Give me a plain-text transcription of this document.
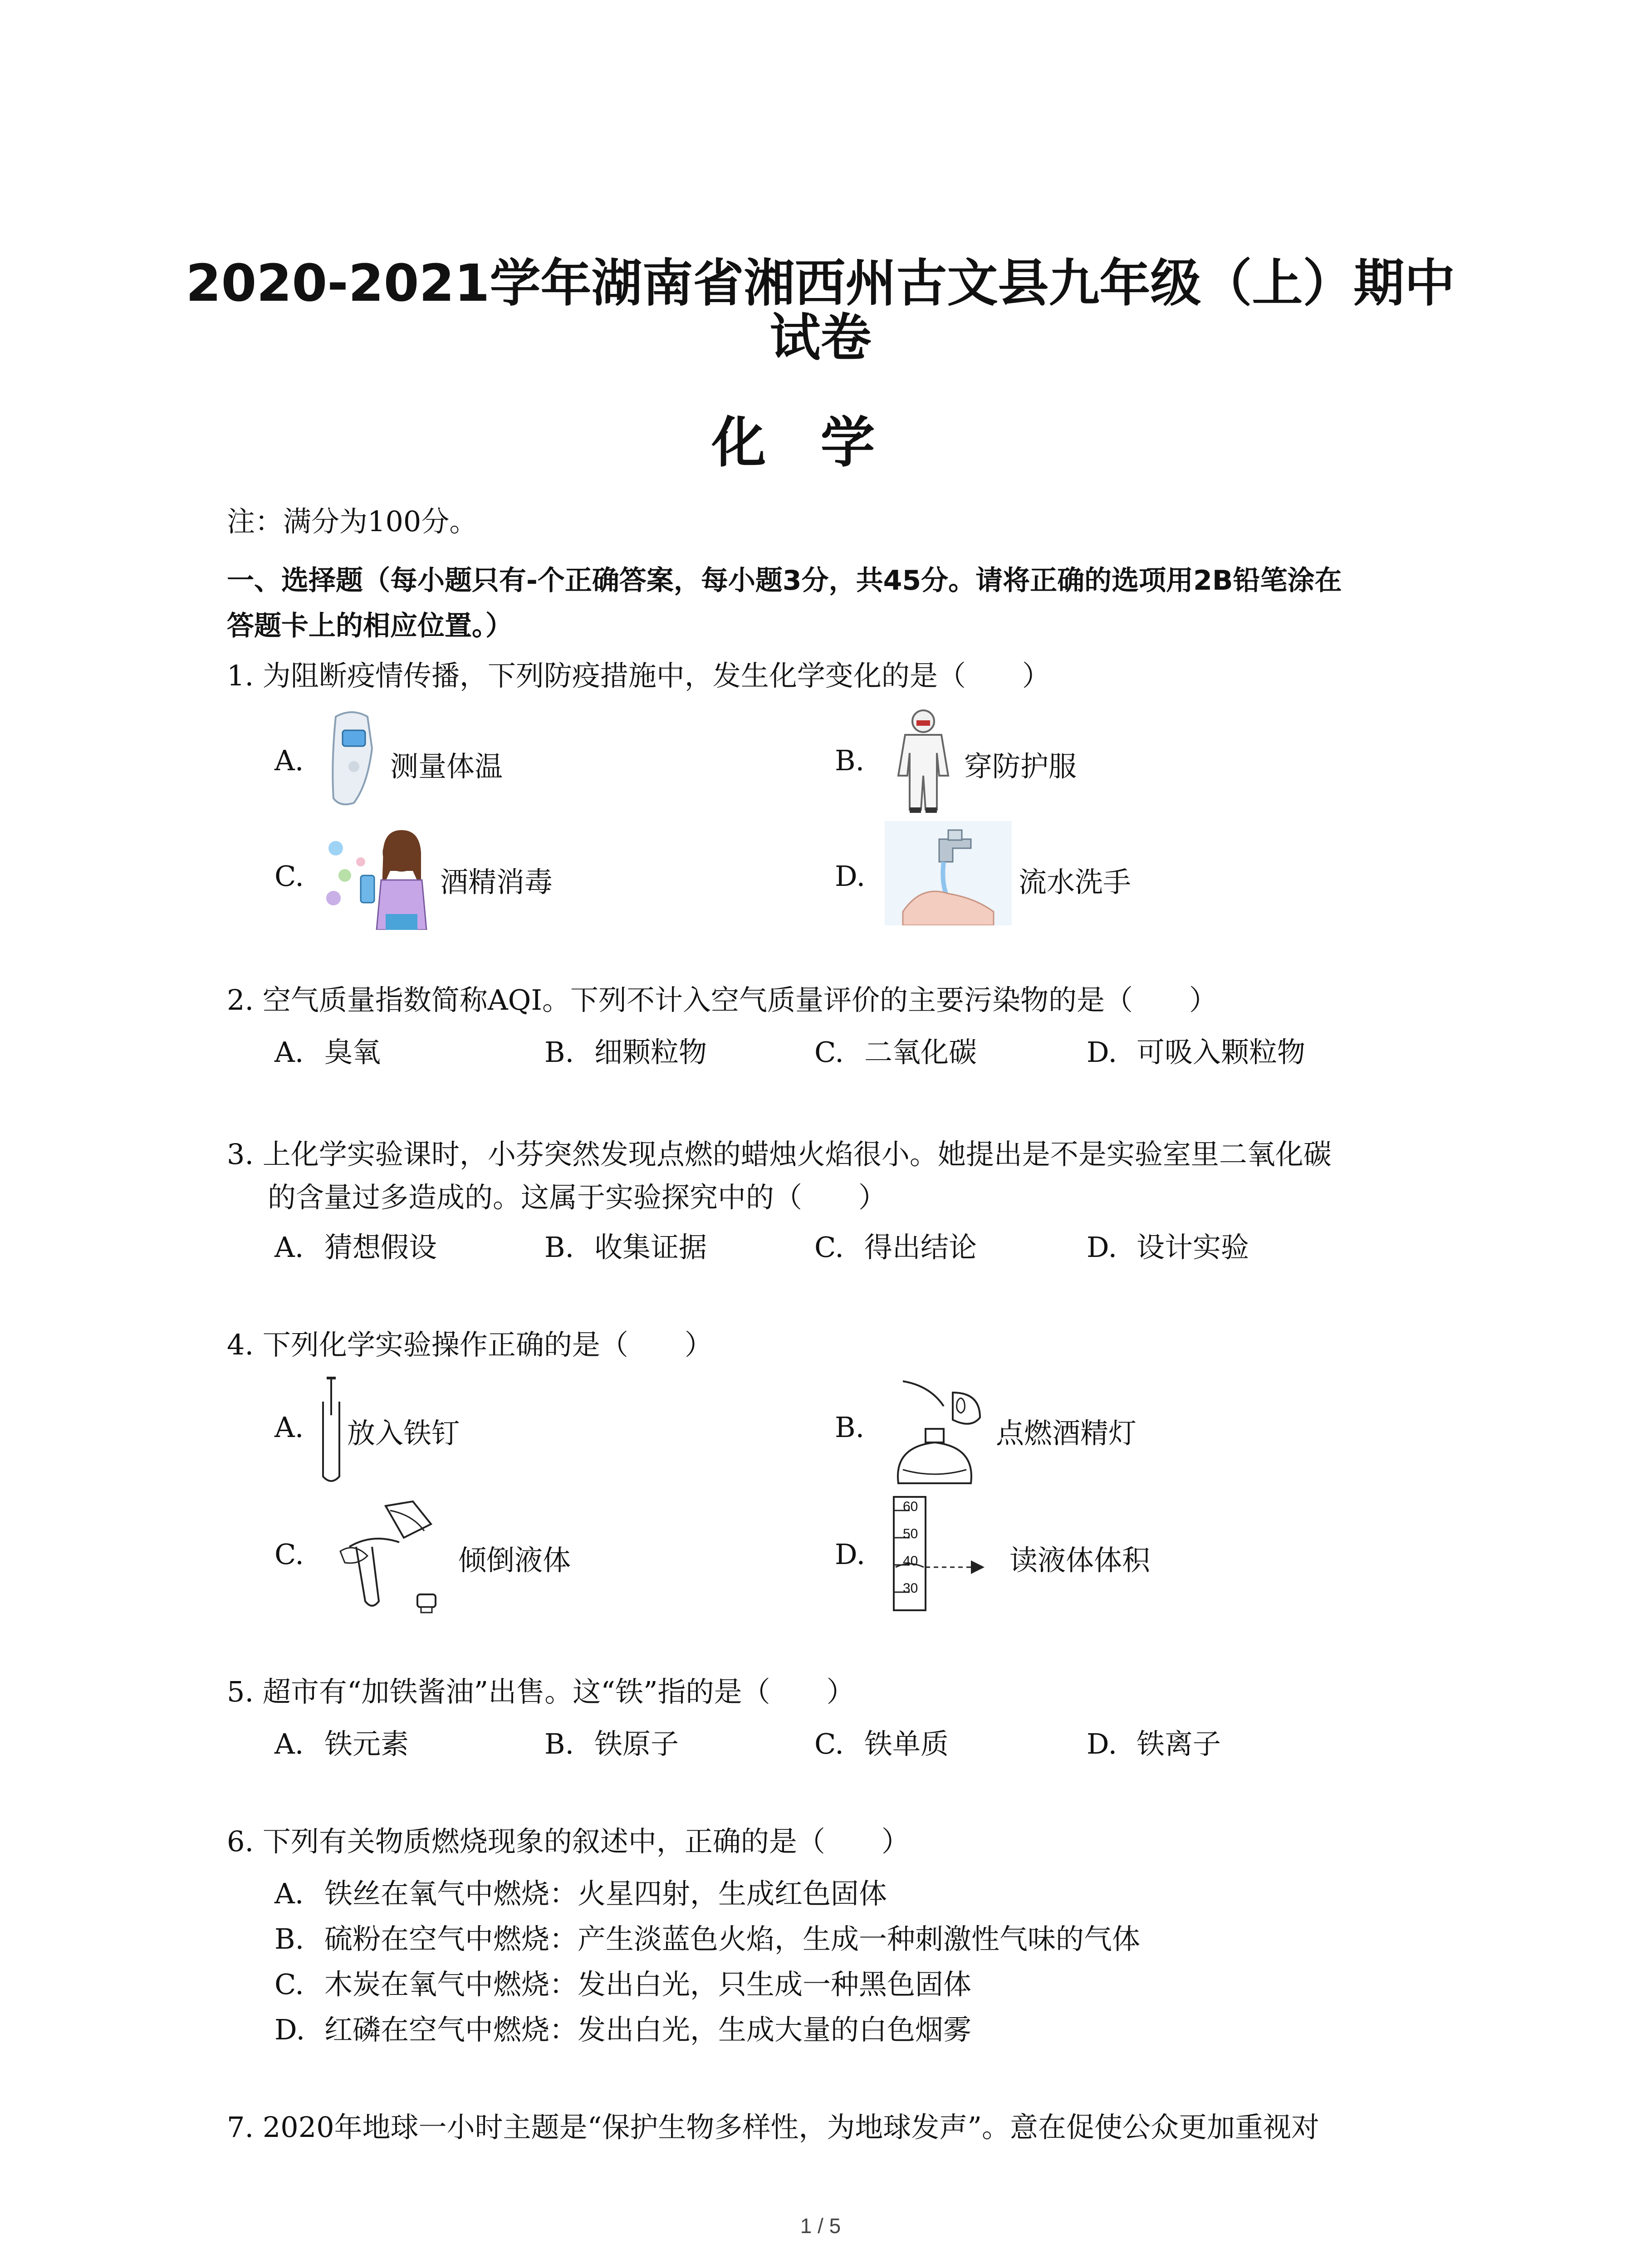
2020-2021学年湖南省湘西州古文县九年级（上）期中
试卷
化学
注：满分为100分。
一、选择题（每小题只有-个正确答案，每小题3分，共45分。请将正确的选项用2B铅笔涂在
答题卡上的相应位置。）
1. 为阻断疫情传播，下列防疫措施中，发生化学变化的是（　　）
A.	测量体温	B.	穿防护服
C.	酒精消毒	D.	流水洗手
2. 空气质量指数简称AQI。下列不计入空气质量评价的主要污染物的是（　　）
A. 臭氧	B. 细颗粒物	C. 二氧化碳	D. 可吸入颗粒物
3. 上化学实验课时，小芬突然发现点燃的蜡烛火焰很小。她提出是不是实验室里二氧化碳
的含量过多造成的。这属于实验探究中的（　　）
A. 猜想假设	B. 收集证据	C. 得出结论	D. 设计实验
4. 下列化学实验操作正确的是（　　）
A. 放入铁钉	B.	点燃酒精灯
C.	倾倒液体	D.
60
50
40
30
读液体体积
5. 超市有“加铁酱油”出售。这“铁”指的是（　　）
A. 铁元素	B. 铁原子	C. 铁单质	D. 铁离子
6. 下列有关物质燃烧现象的叙述中，正确的是（　　）
A. 铁丝在氧气中燃烧：火星四射，生成红色固体
B. 硫粉在空气中燃烧：产生淡蓝色火焰，生成一种刺激性气味的气体
C. 木炭在氧气中燃烧：发出白光，只生成一种黑色固体
D. 红磷在空气中燃烧：发出白光，生成大量的白色烟雾
7. 2020年地球一小时主题是“保护生物多样性，为地球发声”。意在促使公众更加重视对
1 / 5
